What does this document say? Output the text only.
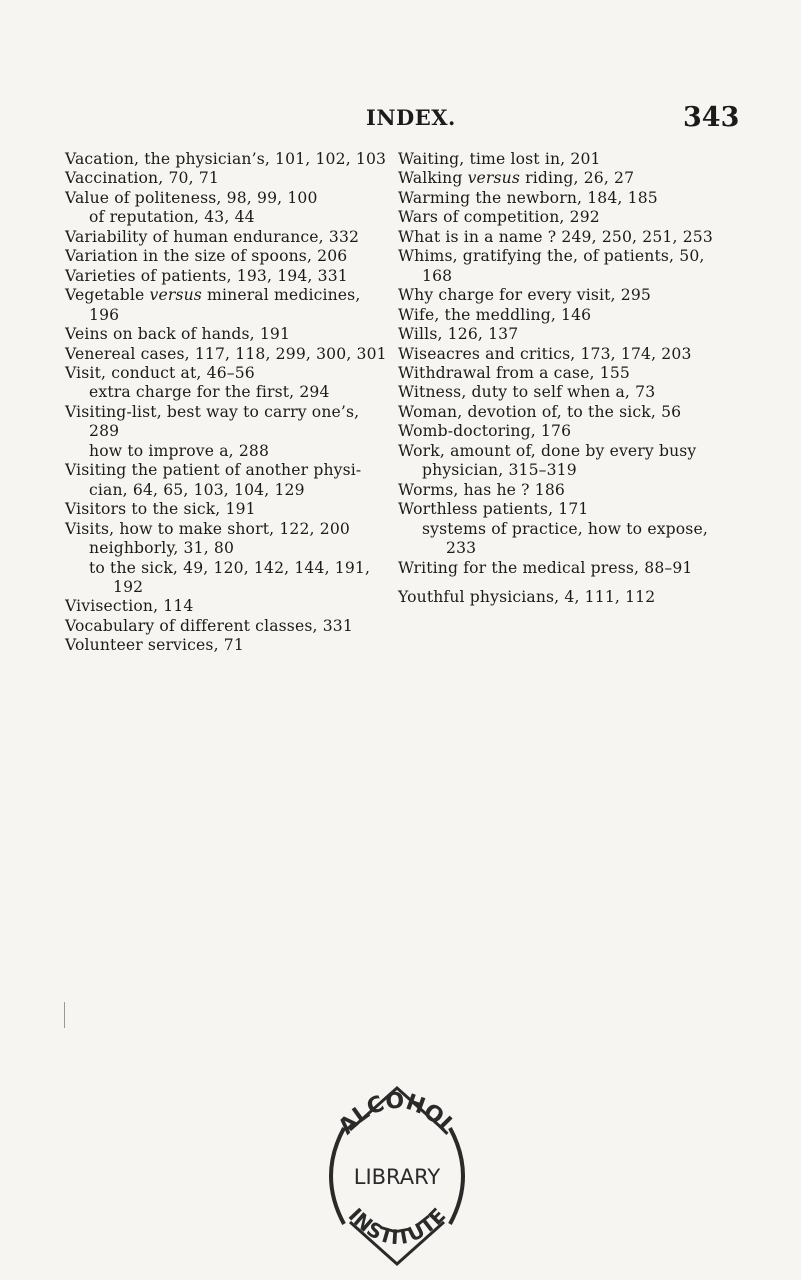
INDEX.	343

Vacation, the physician’s, 101, 102, 103

Vaccination, 70, 71

Value of politeness, 98, 99, 100

of reputation, 43, 44

Variability of human endurance, 332

Variation in the size of spoons, 206

Varieties of patients, 193, 194, 331

Vegetable versus mineral medicines, 196

Veins on back of hands, 191

Venereal cases, 117, 118, 299, 300, 301

Visit, conduct at, 46–56

extra charge for the first, 294

Visiting-list, best way to carry one’s, 289

how to improve a, 288

Visiting the patient of another physician, 64, 65, 103, 104, 129

Visitors to the sick, 191

Visits, how to make short, 122, 200

neighborly, 31, 80

to the sick, 49, 120, 142, 144, 191, 192

Vivisection, 114

Vocabulary of different classes, 331

Volunteer services, 71

Waiting, time lost in, 201

Walking versus riding, 26, 27

Warming the newborn, 184, 185

Wars of competition, 292

What is in a name ? 249, 250, 251, 253

Whims, gratifying the, of patients, 50, 168

Why charge for every visit, 295

Wife, the meddling, 146

Wills, 126, 137

Wiseacres and critics, 173, 174, 203

Withdrawal from a case, 155

Witness, duty to self when a, 73

Woman, devotion of, to the sick, 56

Womb-doctoring, 176

Work, amount of, done by every busy physician, 315–319

Worms, has he ? 186

Worthless patients, 171

systems of practice, how to expose, 233

Writing for the medical press, 88–91

Youthful physicians, 4, 111, 112

ALCOHOL
LIBRARY
INSTITUTE
